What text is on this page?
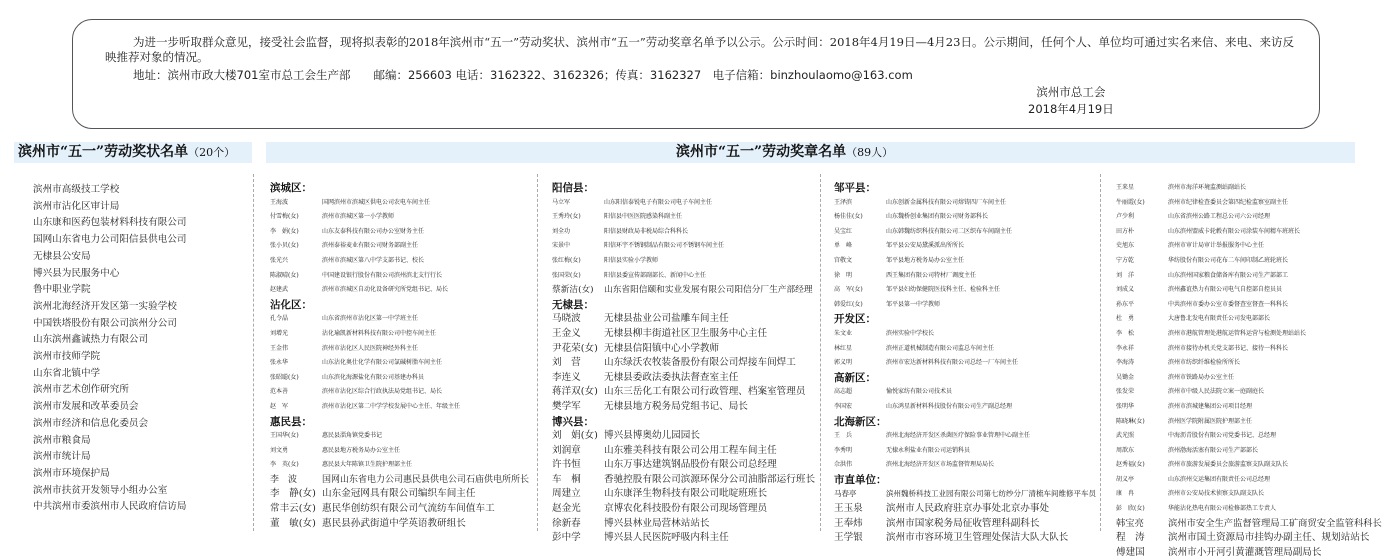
为进一步听取群众意见，接受社会监督，现将拟表彰的2018年滨州市“五一”劳动奖状、滨州市“五一”劳动奖章名单予以公示。公示时间：2018年4月19日—4月23日。公示期间，任何个人、单位均可通过实名来信、来电、来访反映推荐对象的情况。
地址：滨州市政大楼701室市总工会生产部　　邮编：256603 电话：3162322、3162326；传真：3162327　电子信箱：binzhoulaomo@163.com
滨州市总工会
2018年4月19日
滨州市“五一”劳动奖状名单（20个）	滨州市“五一”劳动奖章名单（89人）
滨州市高级技工学校
滨州市沾化区审计局
山东康和医药包装材料科技有限公司
国网山东省电力公司阳信县供电公司
无棣县公安局
博兴县为民服务中心
鲁中职业学院
滨州北海经济开发区第一实验学校
中国铁塔股份有限公司滨州分公司
山东滨州鑫诚热力有限公司
滨州市技师学院
山东省北镇中学
滨州市艺术创作研究所
滨州市发展和改革委员会
滨州市经济和信息化委员会
滨州市粮食局
滨州市统计局
滨州市环境保护局
滨州市扶贫开发领导小组办公室
中共滨州市委滨州市人民政府信访局
滨城区：
王海波	国网滨州市滨城区供电公司农电车间主任
付雪梅(女)	滨州市滨城区第一小学教师
李　娟(女)	山东友泰科技有限公司办公室财务主任
张小贝(女)	滨州泰裕麦业有限公司财务部副主任
张光兴	滨州市滨城区第八中学支部书记、校长
陈淑晴(女)	中国建设银行股份有限公司滨州滨北支行行长
赵建武	滨州市滨城区自动化设备研究所党组书记、局长
沾化区：
孔令晶	山东省滨州市沾化区第一中学班主任
刘增光	沾化瑜凯新材料科技有限公司中控车间主任
王金伟	滨州市沾化区人民医院神经外科主任
张永华	山东沾化奥仕化学有限公司氯碱树脂车间主任
张昭聪(女)	山东滨化海源盐化有限公司基建办科员
范本善	滨州市沾化区综合行政执法局党组书记、局长
赵　军	滨州市沾化区第二中学学校发展中心主任、年级主任
惠民县：
王国华(女)	惠民县淄角镇党委书记
刘文勇	惠民县地方税务局办公室主任
李　英(女)	惠民县大年陈镇卫生院护理部主任
李　波	国网山东省电力公司惠民县供电公司石庙供电所所长
李　静(女) 山东金冠网具有限公司编织车间主任
常丰云(女) 惠民华创纺织有限公司气流纺车间值车工
董　敏(女) 惠民县孙武街道中学英语教研组长
阳信县：
马立军	山东阳信泰锐电子有限公司电子车间主任
王秀玲(女)	阳信县中医医院感染科副主任
刘全功	阳信县财政局非税局综合科科长
宋景中	阳信环宇不锈钢制品有限公司不锈钢车间主任
张红梅(女)	阳信县实验小学教师
张国荣(女)	阳信县委宣传部副部长、新闻中心主任
蔡新洁(女) 山东省阳信颐和实业发展有限公司阳信分厂生产部经理
无棣县：
马晓波 无棣县盐业公司盐雕车间主任
王金义 无棣县柳丰街道社区卫生服务中心主任
尹花荣(女) 无棣县信阳镇中心小学教师
刘　营 山东绿沃农牧装备股份有限公司焊接车间焊工
李连义 无棣县委政法委执法督查室主任
蒋洋双(女) 山东三岳化工有限公司行政管理、档案室管理员
樊学军 无棣县地方税务局党组书记、局长
博兴县：
刘　娟(女) 博兴县博奥幼儿园园长
刘润章 山东雅美科技有限公司公用工程车间主任
许书恒 山东万事达建筑钢品股份有限公司总经理
车　桐 香驰控股有限公司滨源环保分公司油脂部运行班长
周建立 山东康泽生物科技有限公司吡啶班班长
赵金光 京博农化科技股份有限公司现场管理员
徐新春 博兴县林业局营林站站长
彭中学 博兴县人民医院呼吸内科主任
邹平县：
王泽滨	山东创新金属科技有限公司熔铸四厂车间主任
杨佳佳(女)	山东魏桥创业集团有限公司财务部科长
吴宝红	山东韩魏纺织科技有限公司二区织布车间副主任
单　峰	邹平县公安局黛溪派出所所长
宫敬文	邹平县地方税务局办公室主任
徐　明	西王集团有限公司特材厂调度主任
高　军(女)	邹平县妇幼保健院医技科主任、检验科主任
韩爱红(女)	邹平县第一中学教师
开发区：
朱文业	滨州实验中学校长
林红星	滨州正道机械制造有限公司监总车间主任
郭义明	滨州市宏达新材料科技有限公司总经一厂车间主任
高新区：
高志超	愉悦家纺有限公司技术员
李国宏	山东鸿星新材料科技股份有限公司生产副总经理
北海新区：
王　兵	滨州北海经济开发区杀菌医疗保险事业管理中心副主任
李秀明	无棣永利盐业有限公司运销科员
佘洪伟	滨州北海经济开发区市场监督管理局局长
市直单位：
马春亭	滨州魏桥科技工业园有限公司第七纺纱分厂清梳车间维修平车员
王玉泉 滨州市人民政府驻京办事处北京办事处
王奉炜 滨州市国家税务局征收管理科副科长
王学银 滨州市市容环境卫生管理处保洁大队大队长
王来星	滨州市海洋环境监测站副站长
牛丽霞(女)	滨州市纪律检查委员会第四纪检监察室副主任
卢少利	山东省滨州公路工程总公司六公司经理
田方朴	山东滨州盟威卡轮毂有限公司涂装车间精车班班长
史旭东	滨州市审计局审计举报服务中心主任
宁方乾	华纺股份有限公司花布二车间印制乙班轮班长
刘　洋	山东滨州国家粮食储备库有限公司生产部部工
刘成义	滨州鑫谊热力有限公司电气自控部自控员员
孙东平	中共滨州市委办公室市委督查室督查一科科长
杜　勇	大唐鲁北发电有限责任公司发电部部长
李　松	滨州市港航管理处港航运管科运营与检测处理站站长
李永祥	滨州市接待办机关党支部书记、接待一科科长
李海涛	滨州市纺织纤维检验所所长
吴锄金	滨州市铁路局办公室主任
张发荣	滨州市中级人民法院立案一庭副庭长
张明华	滨州市滨城建集团公司项目经理
陈晓琳(女)	滨州医学院附属医院护理部主任
武光照	中海沥青股份有限公司党委书记、总经理
周歆东	滨州渤海活塞有限公司生产部部长
赵秀福(女)	滨州市旅游发展委员会旅游监察支队副支队长
胡义亭	山东滨州交运集团有限责任公司总经理
康　冉	滨州市公安局技术侦察支队副支队长
彭　欣(女)	华能沾化热电有限公司检修部热工专责人
韩宝亮	滨州市安全生产监督管理局工矿商贸安全监管科科长
程　涛 滨州市国土资源局市挂钩办副主任、规划站站长
傅建国 滨州市小开河引黄灌溉管理局副局长
